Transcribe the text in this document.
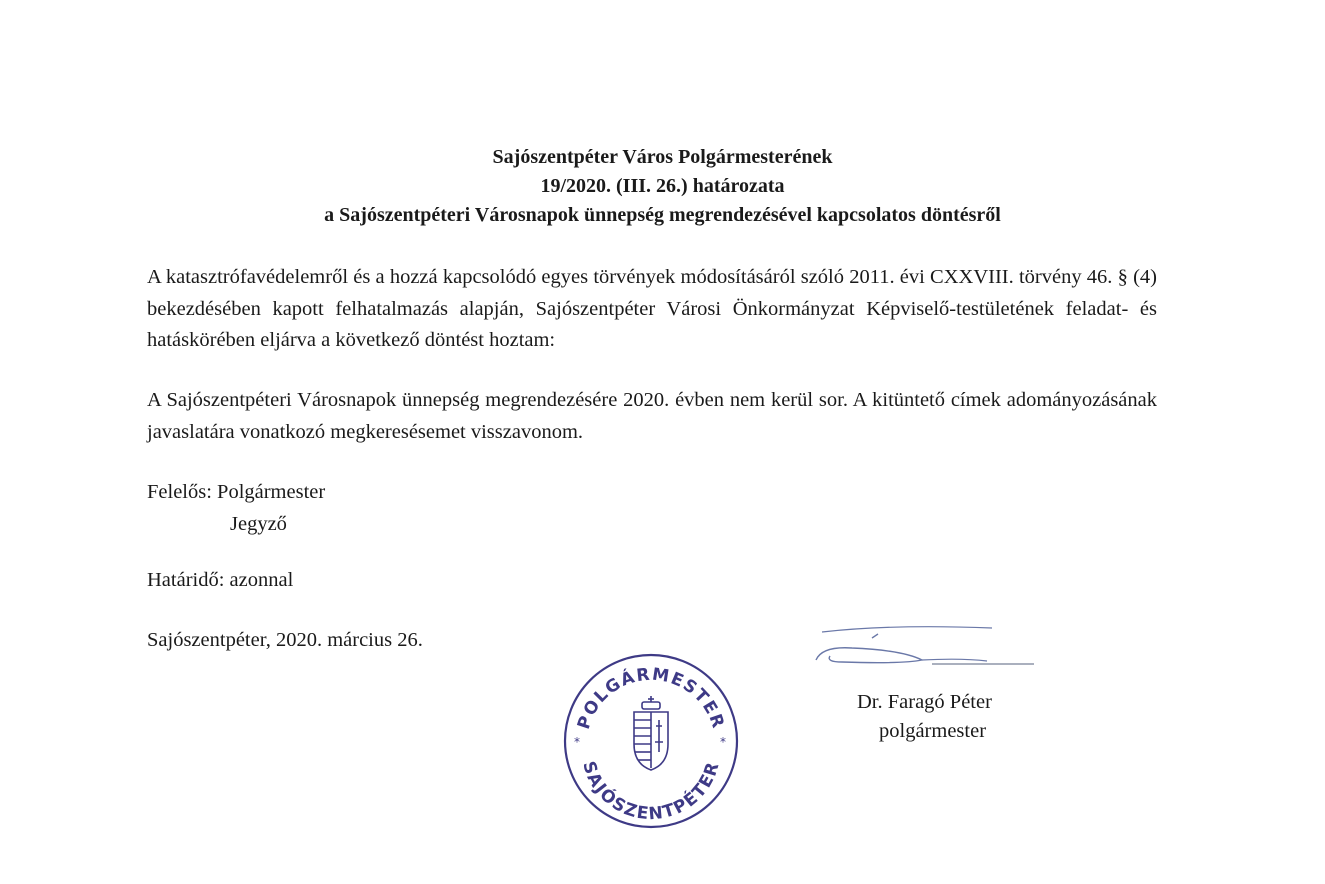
Sajószentpéter Város Polgármesterének
19/2020. (III. 26.) határozata
a Sajószentpéteri Városnapok ünnepség megrendezésével kapcsolatos döntésről
A katasztrófavédelemről és a hozzá kapcsolódó egyes törvények módosításáról szóló 2011. évi CXXVIII. törvény 46. § (4) bekezdésében kapott felhatalmazás alapján, Sajószentpéter Városi Önkormányzat Képviselő-testületének feladat- és hatáskörében eljárva a következő döntést hoztam:
A Sajószentpéteri Városnapok ünnepség megrendezésére 2020. évben nem kerül sor. A kitüntető címek adományozásának javaslatára vonatkozó megkeresésemet visszavonom.
Felelős: Polgármester
Jegyző
Határidő: azonnal
Sajószentpéter, 2020. március 26.
POLGÁRMESTER
SAJÓSZENTPÉTER
*	*
Dr. Faragó Péter
polgármester
